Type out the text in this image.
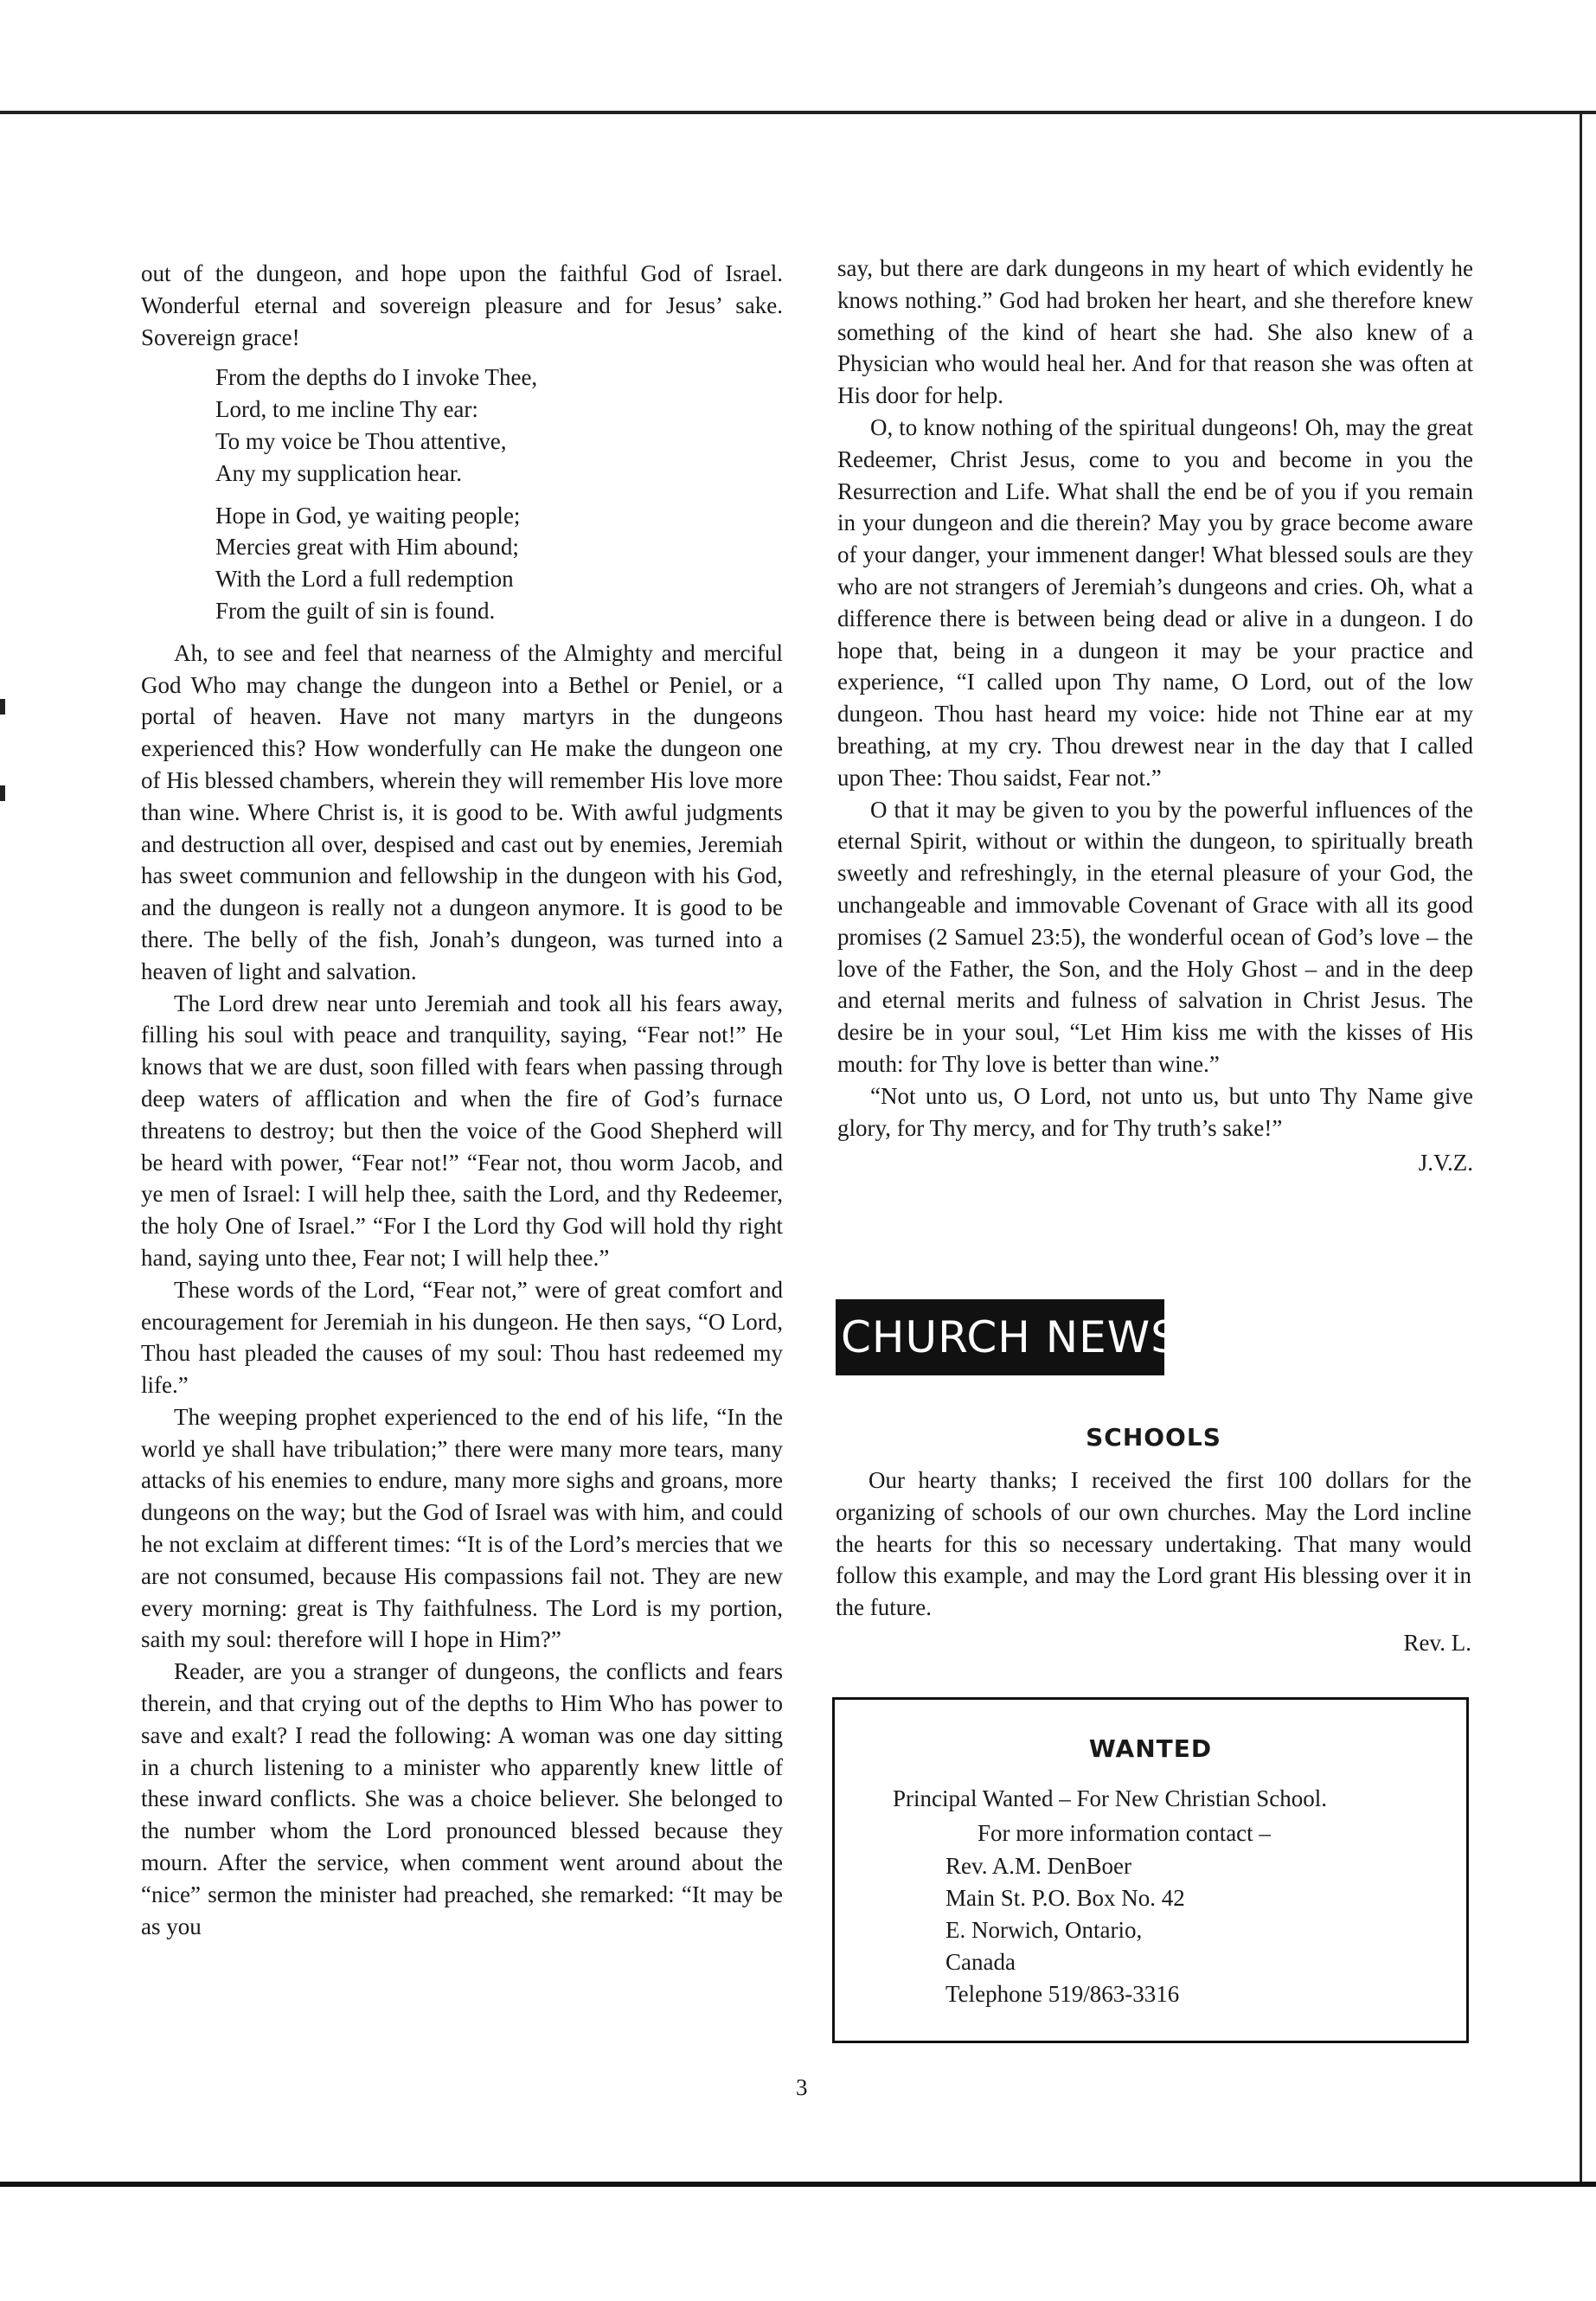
out of the dungeon, and hope upon the faithful God of Israel. Wonderful eternal and sovereign pleasure and for Jesus’ sake. Sovereign grace!

From the depths do I invoke Thee,
Lord, to me incline Thy ear:
To my voice be Thou attentive,
Any my supplication hear.
Hope in God, ye waiting people;
Mercies great with Him abound;
With the Lord a full redemption
From the guilt of sin is found.

Ah, to see and feel that nearness of the Almighty and merciful God Who may change the dungeon into a Bethel or Peniel, or a portal of heaven. Have not many martyrs in the dungeons experienced this? How wonderfully can He make the dungeon one of His blessed chambers, wherein they will remember His love more than wine. Where Christ is, it is good to be. With awful judgments and destruction all over, despised and cast out by enemies, Jeremiah has sweet communion and fellowship in the dungeon with his God, and the dungeon is really not a dungeon anymore. It is good to be there. The belly of the fish, Jonah’s dungeon, was turned into a heaven of light and salvation.

The Lord drew near unto Jeremiah and took all his fears away, filling his soul with peace and tranquility, saying, “Fear not!” He knows that we are dust, soon filled with fears when passing through deep waters of afflication and when the fire of God’s furnace threatens to destroy; but then the voice of the Good Shepherd will be heard with power, “Fear not!” “Fear not, thou worm Jacob, and ye men of Israel: I will help thee, saith the Lord, and thy Redeemer, the holy One of Israel.” “For I the Lord thy God will hold thy right hand, saying unto thee, Fear not; I will help thee.”

These words of the Lord, “Fear not,” were of great comfort and encouragement for Jeremiah in his dungeon. He then says, “O Lord, Thou hast pleaded the causes of my soul: Thou hast redeemed my life.”

The weeping prophet experienced to the end of his life, “In the world ye shall have tribulation;” there were many more tears, many attacks of his enemies to endure, many more sighs and groans, more dungeons on the way; but the God of Israel was with him, and could he not exclaim at different times: “It is of the Lord’s mercies that we are not consumed, because His compassions fail not. They are new every morning: great is Thy faithfulness. The Lord is my portion, saith my soul: therefore will I hope in Him?”

Reader, are you a stranger of dungeons, the conflicts and fears therein, and that crying out of the depths to Him Who has power to save and exalt? I read the following: A woman was one day sitting in a church listening to a minister who apparently knew little of these inward conflicts. She was a choice believer. She belonged to the number whom the Lord pronounced blessed because they mourn. After the service, when comment went around about the “nice” sermon the minister had preached, she remarked: “It may be as you

say, but there are dark dungeons in my heart of which evidently he knows nothing.” God had broken her heart, and she therefore knew something of the kind of heart she had. She also knew of a Physician who would heal her. And for that reason she was often at His door for help.

O, to know nothing of the spiritual dungeons! Oh, may the great Redeemer, Christ Jesus, come to you and become in you the Resurrection and Life. What shall the end be of you if you remain in your dungeon and die therein? May you by grace become aware of your danger, your immenent danger! What blessed souls are they who are not strangers of Jeremiah’s dungeons and cries. Oh, what a difference there is between being dead or alive in a dungeon. I do hope that, being in a dungeon it may be your practice and experience, “I called upon Thy name, O Lord, out of the low dungeon. Thou hast heard my voice: hide not Thine ear at my breathing, at my cry. Thou drewest near in the day that I called upon Thee: Thou saidst, Fear not.”

O that it may be given to you by the powerful influences of the eternal Spirit, without or within the dungeon, to spiritually breath sweetly and refreshingly, in the eternal pleasure of your God, the unchangeable and immovable Covenant of Grace with all its good promises (2 Samuel 23:5), the wonderful ocean of God’s love – the love of the Father, the Son, and the Holy Ghost – and in the deep and eternal merits and fulness of salvation in Christ Jesus. The desire be in your soul, “Let Him kiss me with the kisses of His mouth: for Thy love is better than wine.”

“Not unto us, O Lord, not unto us, but unto Thy Name give glory, for Thy mercy, and for Thy truth’s sake!”

J.V.Z.
CHURCH NEWS
SCHOOLS

Our hearty thanks; I received the first 100 dollars for the organizing of schools of our own churches. May the Lord incline the hearts for this so necessary undertaking. That many would follow this example, and may the Lord grant His blessing over it in the future.

Rev. L.
WANTED
Principal Wanted – For New Christian School.
For more information contact –
Rev. A.M. DenBoer
Main St. P.O. Box No. 42
E. Norwich, Ontario,
Canada
Telephone 519/863-3316
3
